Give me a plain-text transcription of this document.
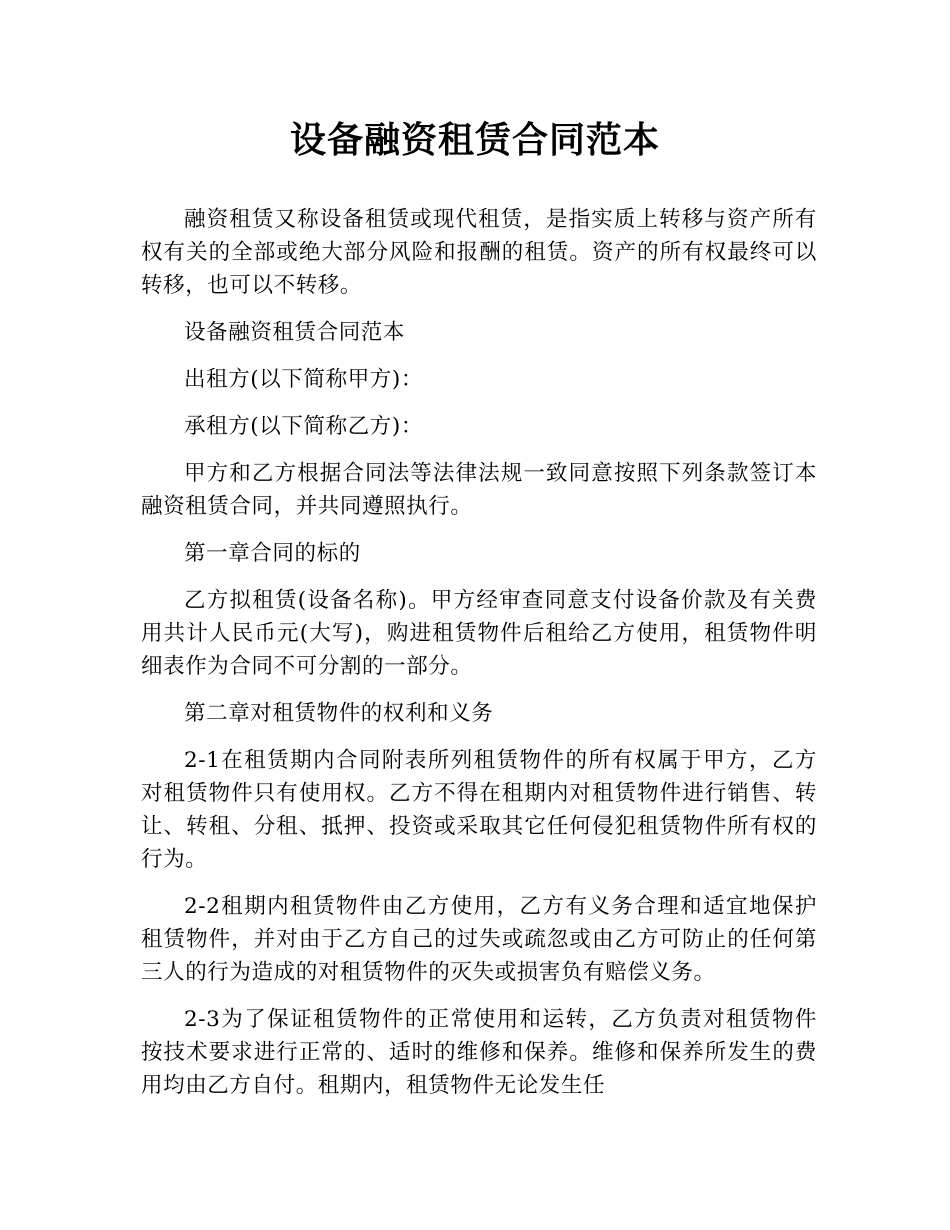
设备融资租赁合同范本

融资租赁又称设备租赁或现代租赁，是指实质上转移与资产所有权有关的全部或绝大部分风险和报酬的租赁。资产的所有权最终可以转移，也可以不转移。

设备融资租赁合同范本

出租方(以下简称甲方)：

承租方(以下简称乙方)：

甲方和乙方根据合同法等法律法规一致同意按照下列条款签订本融资租赁合同，并共同遵照执行。

第一章合同的标的

乙方拟租赁(设备名称)。甲方经审查同意支付设备价款及有关费用共计人民币元(大写)，购进租赁物件后租给乙方使用，租赁物件明细表作为合同不可分割的一部分。

第二章对租赁物件的权利和义务

2-1在租赁期内合同附表所列租赁物件的所有权属于甲方，乙方对租赁物件只有使用权。乙方不得在租期内对租赁物件进行销售、转让、转租、分租、抵押、投资或采取其它任何侵犯租赁物件所有权的行为。

2-2租期内租赁物件由乙方使用，乙方有义务合理和适宜地保护租赁物件，并对由于乙方自己的过失或疏忽或由乙方可防止的任何第三人的行为造成的对租赁物件的灭失或损害负有赔偿义务。

2-3为了保证租赁物件的正常使用和运转，乙方负责对租赁物件按技术要求进行正常的、适时的维修和保养。维修和保养所发生的费用均由乙方自付。租期内，租赁物件无论发生任
